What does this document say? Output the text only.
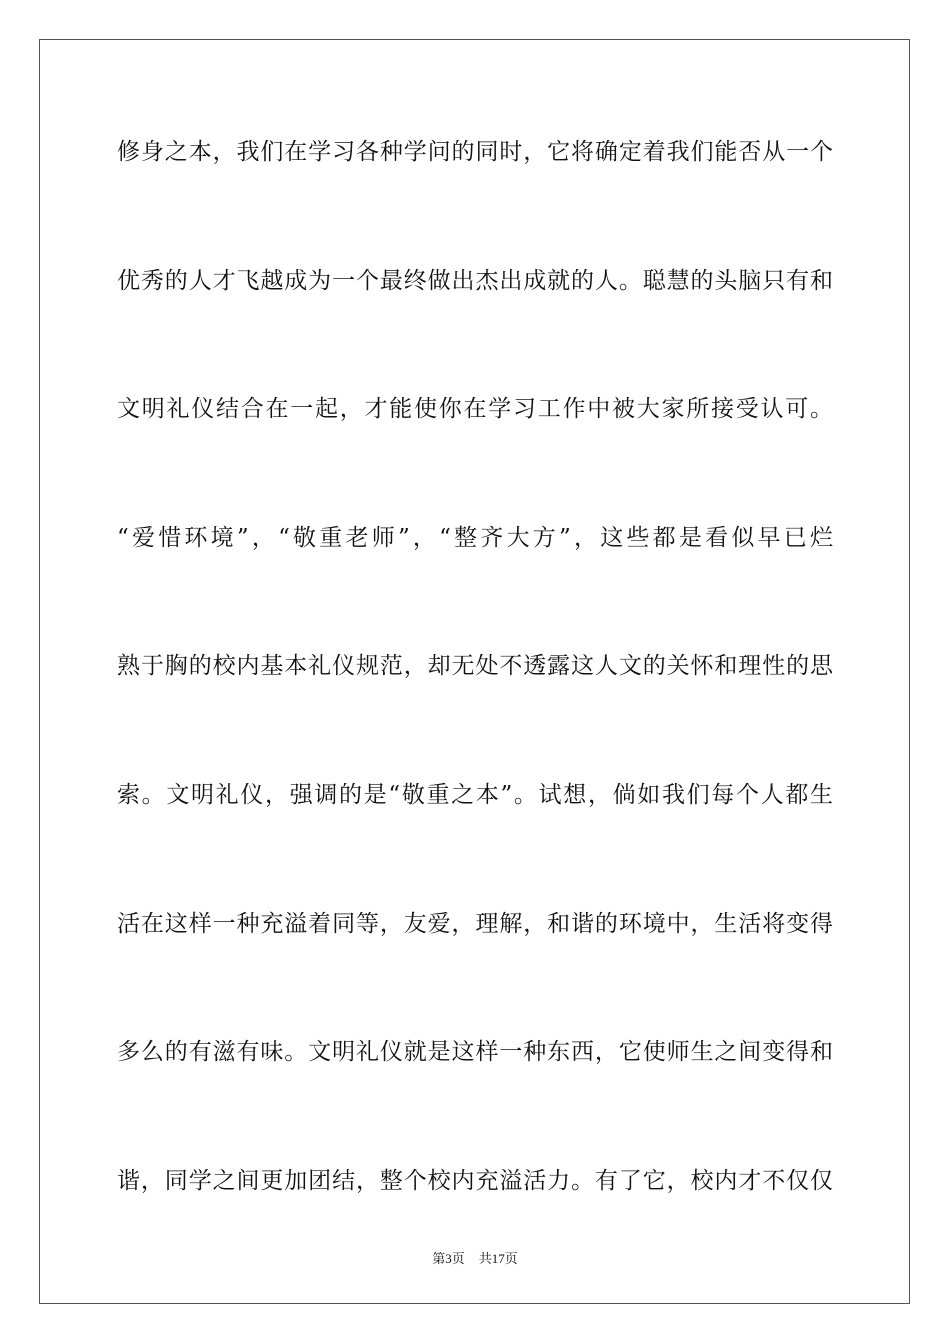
修身之本，我们在学习各种学问的同时，它将确定着我们能否从一个
优秀的人才飞越成为一个最终做出杰出成就的人。聪慧的头脑只有和
文明礼仪结合在一起，才能使你在学习工作中被大家所接受认可。
“爱惜环境”，“敬重老师”，“整齐大方”，这些都是看似早已烂
熟于胸的校内基本礼仪规范，却无处不透露这人文的关怀和理性的思
索。文明礼仪，强调的是“敬重之本”。试想，倘如我们每个人都生
活在这样一种充溢着同等，友爱，理解，和谐的环境中，生活将变得
多么的有滋有味。文明礼仪就是这样一种东西，它使师生之间变得和
谐，同学之间更加团结，整个校内充溢活力。有了它，校内才不仅仅
第3页 共17页
